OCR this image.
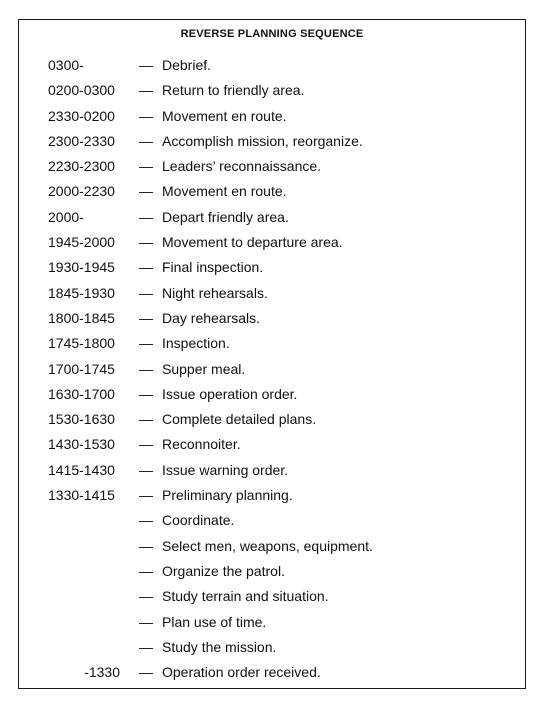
REVERSE PLANNING SEQUENCE
0300-	— Debrief.
0200-0300	— Return to friendly area.
2330-0200	— Movement en route.
2300-2330	— Accomplish mission, reorganize.
2230-2300	— Leaders’ reconnaissance.
2000-2230	— Movement en route.
2000-	— Depart friendly area.
1945-2000	— Movement to departure area.
1930-1945	— Final inspection.
1845-1930	— Night rehearsals.
1800-1845	— Day rehearsals.
1745-1800	— Inspection.
1700-1745	— Supper meal.
1630-1700	— Issue operation order.
1530-1630	— Complete detailed plans.
1430-1530	— Reconnoiter.
1415-1430	— Issue warning order.
1330-1415	— Preliminary planning.
— Coordinate.
— Select men, weapons, equipment.
— Organize the patrol.
— Study terrain and situation.
— Plan use of time.
— Study the mission.
-1330 — Operation order received.
